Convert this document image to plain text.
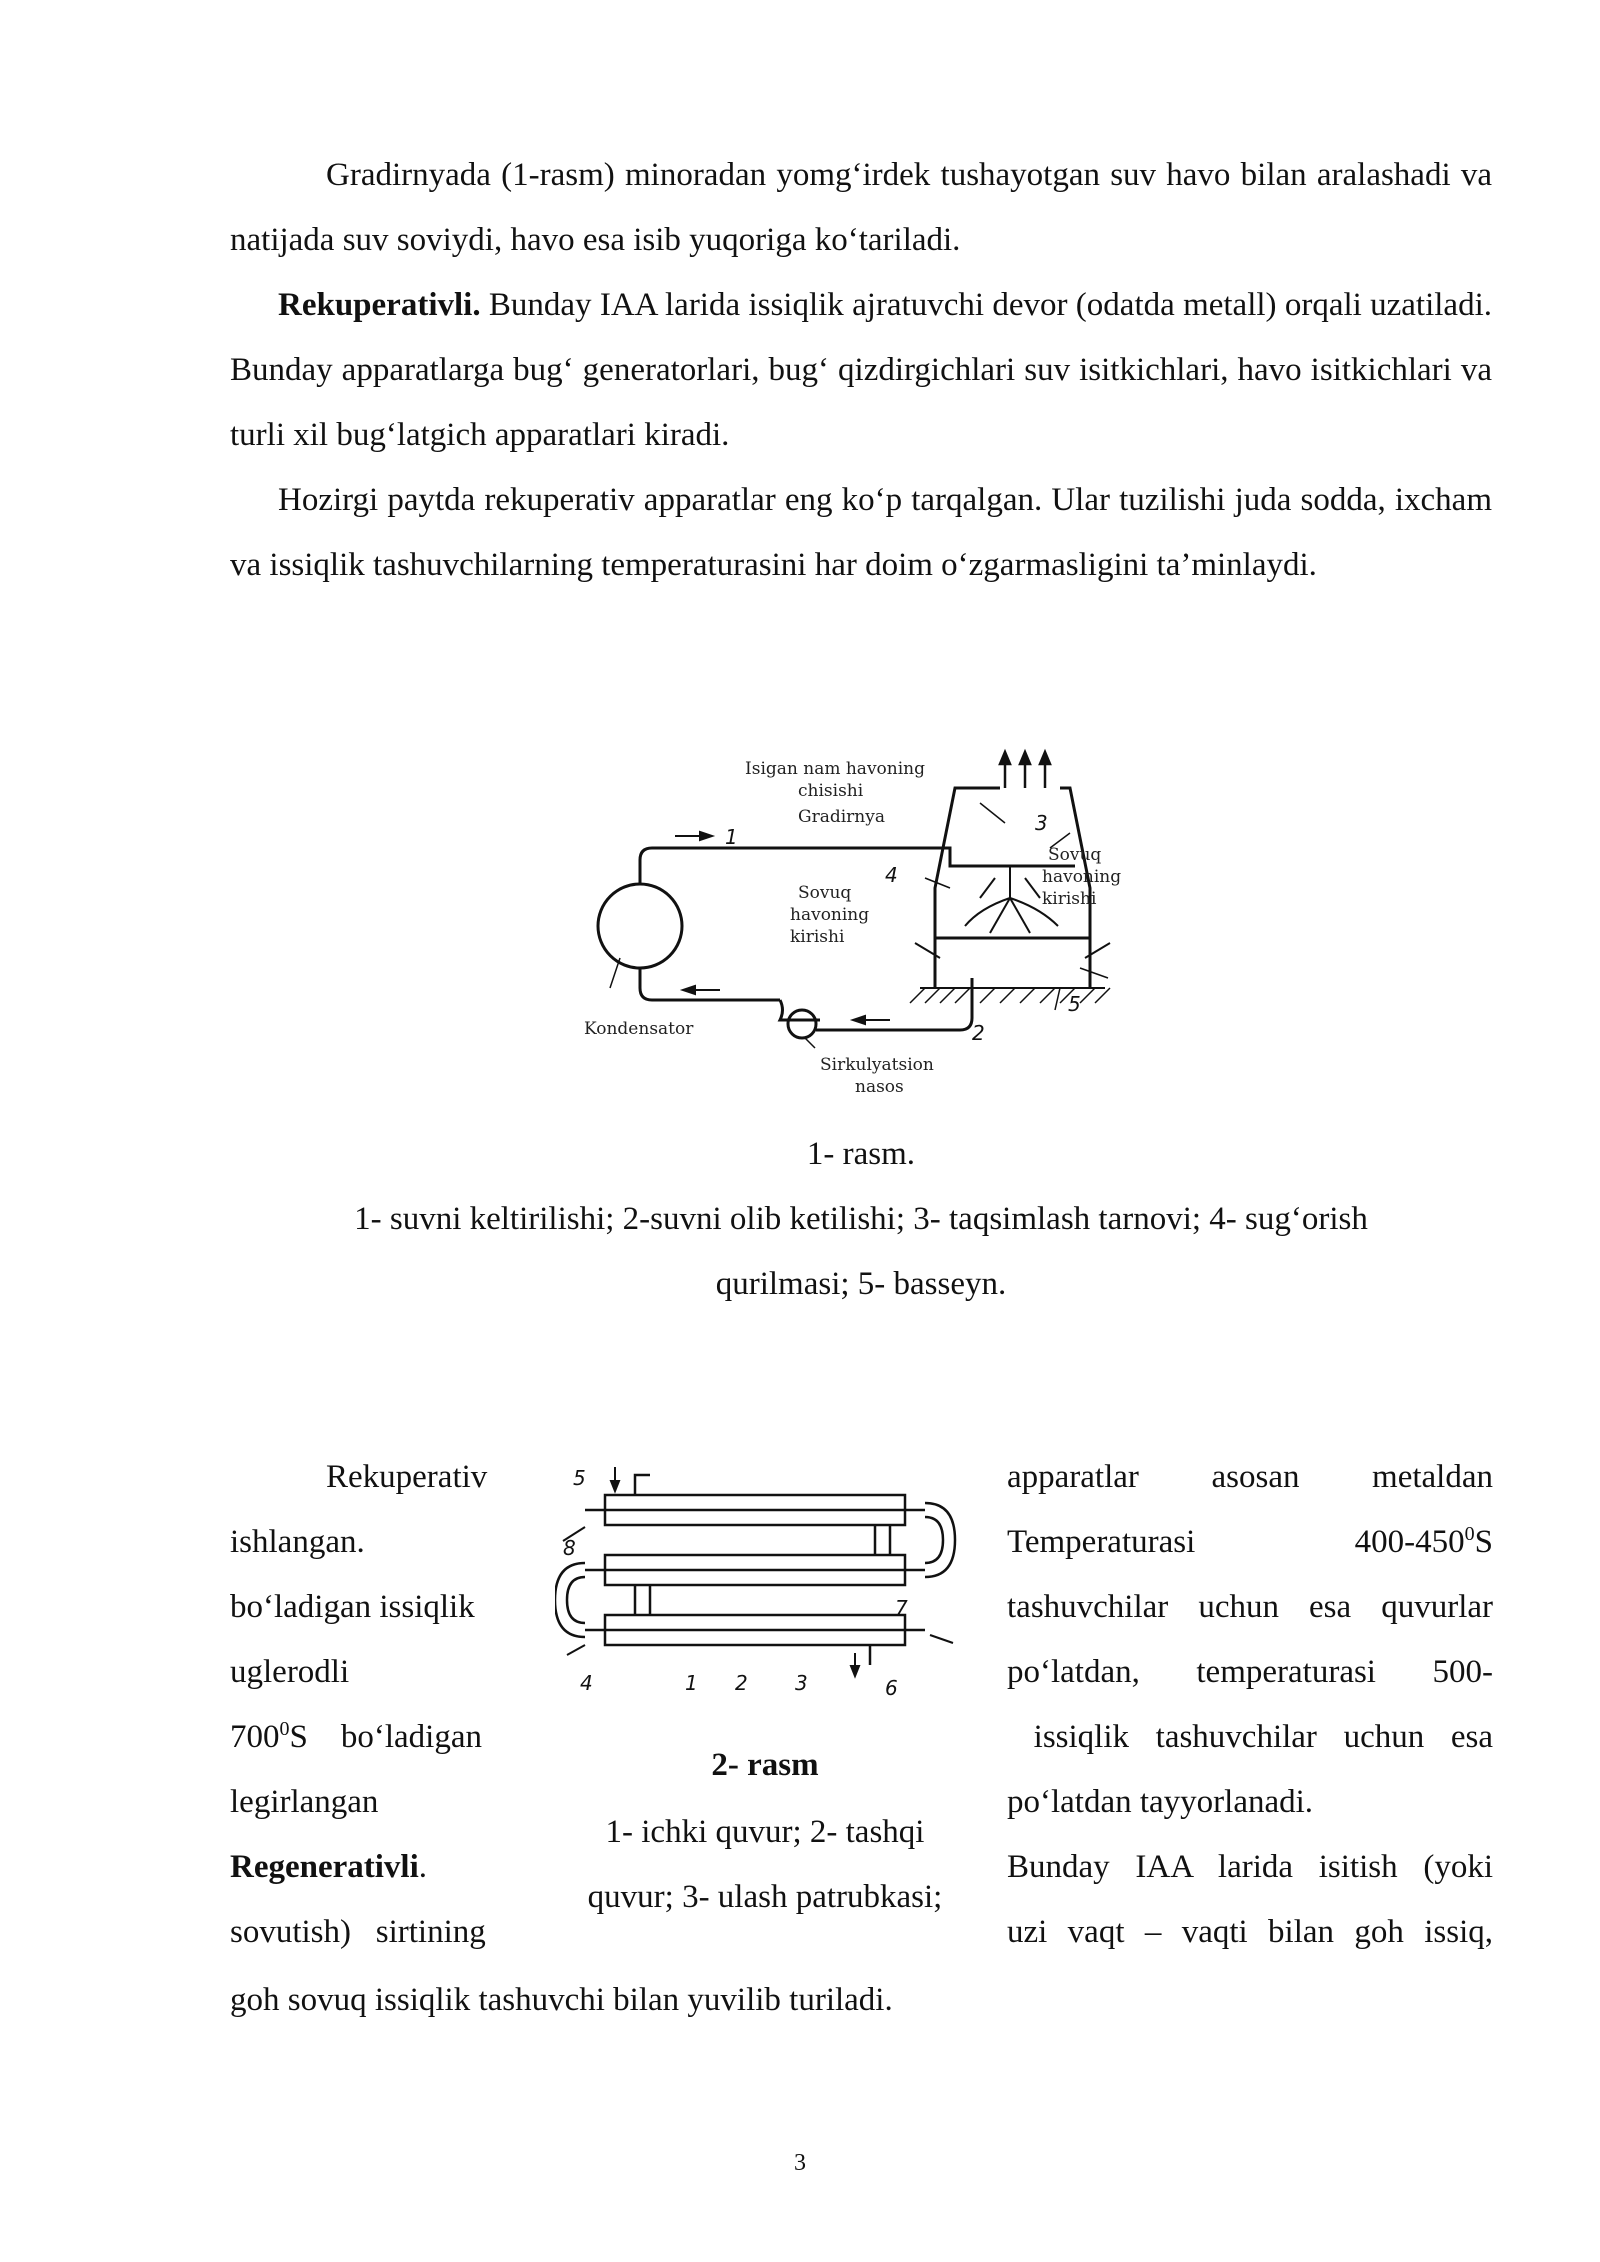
Gradirnyada (1-rasm) minoradan yomg‘irdek tushayotgan suv havo bilan aralashadi va natijada suv soviydi, havo esa isib yuqoriga ko‘tariladi.

Rekuperativli. Bunday IAA larida issiqlik ajratuvchi devor (odatda metall) orqali uzatiladi. Bunday apparatlarga bug‘ generatorlari, bug‘ qizdirgichlari suv isitkichlari, havo isitkichlari va turli xil bug‘latgich apparatlari kiradi.

Hozirgi paytda rekuperativ apparatlar eng ko‘p tarqalgan. Ular tuzilishi juda sodda, ixcham va issiqlik tashuvchilarning temperaturasini har doim o‘zgarmasligini ta’minlaydi.

Isigan nam havoning
chisishi
Gradirnya
Sovuq
havoning
kirishi
Sovuq
havoning
kirishi
Kondensator
Sirkulyatsion
nasos
1
2
3
4
5
1- rasm.
1- suvni keltirilishi; 2-suvni olib ketilishi; 3- taqsimlash tarnovi; 4- sug‘orish
qurilmasi; 5- basseyn.
Rekuperativ
ishlangan.
bo‘ladigan issiqlik
uglerodli
$700^0S$    bo‘ladigan
legirlangan
Regenerativli.
sovutish)   sirtining
5
8
7
4	1 2 3	6
2- rasm
1- ichki quvur; 2- tashqi
quvur; 3- ulash patrubkasi;
apparatlar    asosan    metaldan
Temperaturasi	$400-450^0S$
tashuvchilar uchun esa quvurlar
po‘latdan,  temperaturasi  500-
issiqlik tashuvchilar uchun esa
po‘latdan tayyorlanadi.
Bunday IAA larida isitish (yoki
uzi vaqt – vaqti bilan goh issiq,
goh sovuq issiqlik tashuvchi bilan yuvilib turiladi.
3
